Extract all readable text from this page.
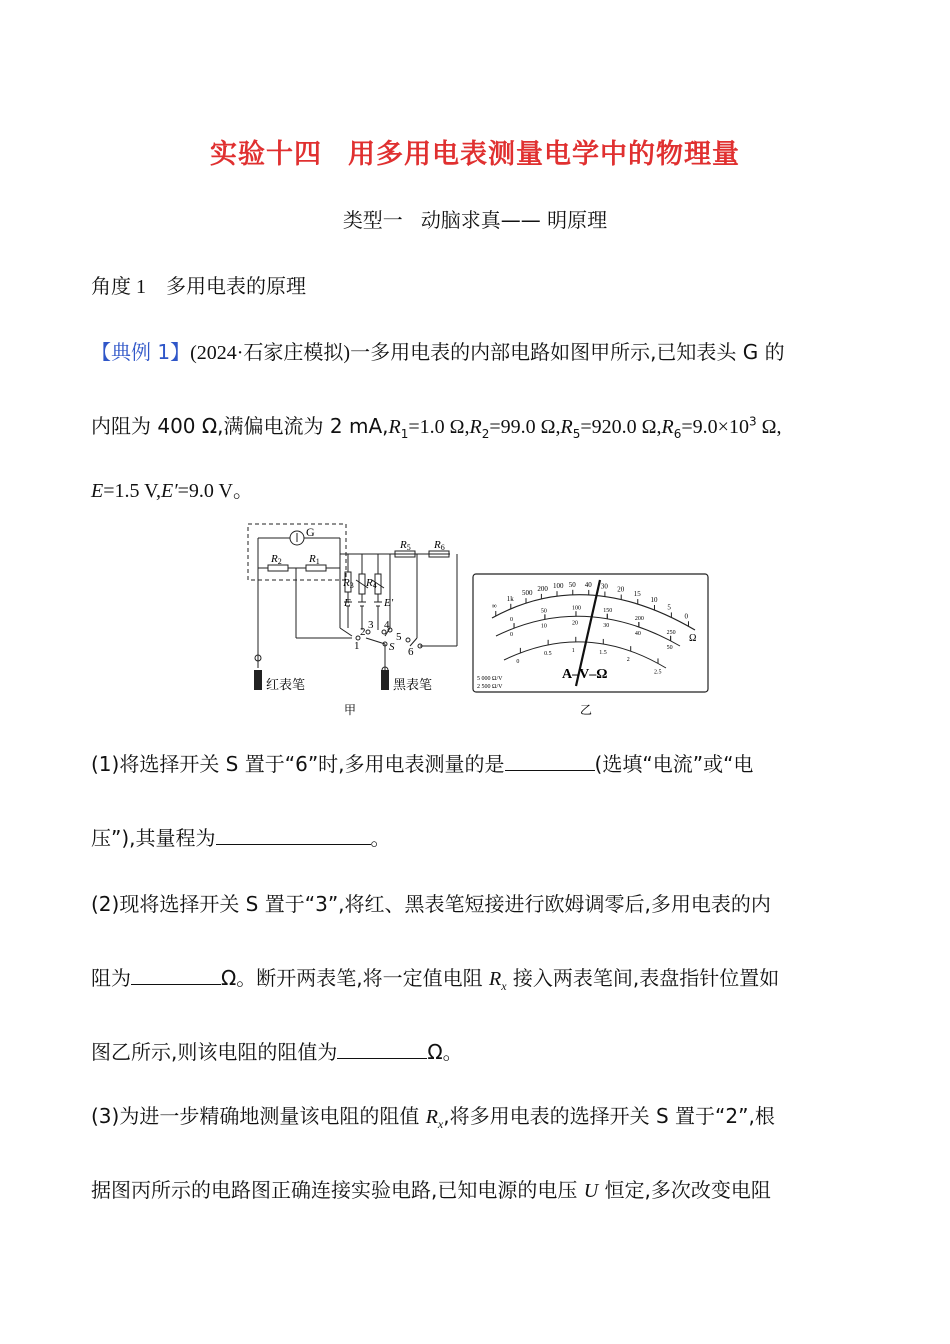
实验十四 用多用电表测量电学中的物理量
类型一 动脑求真—— 明原理
角度 1 多用电表的原理
【典例 1】(2024·石家庄模拟)一多用电表的内部电路如图甲所示,已知表头 G 的
内阻为 400 Ω,满偏电流为 2 $mA,R_1=1.0$ $\Omega,R_2=99.0$ $\Omega,R_5=920.0$ $\Omega,R_6=9.0\times 10^3$ Ω,
E=1.5 V,E′=9.0 V。
G
R2 R1
R3 R4
R5 R6
E	E′
1
2
3 4
5
6
S
红表笔	黑表笔
甲
∞
1k
500
200 100 50 40 30 20
15
10
5
0
0
50
100	150
200
250
0
10
20	30
40
50
0
0.5	1	1.5
2
2.5
Ω
A–V–Ω
5 000 Ω/V
2 500 Ω/V
乙
(1)将选择开关 S 置于“6”时,多用电表测量的是	(选填“电流”或“电
压”),其量程为	。
(2)现将选择开关 S 置于“3”,将红、黑表笔短接进行欧姆调零后,多用电表的内
阻为	Ω。断开两表笔,将一定值电阻 $R_x$ 接入两表笔间,表盘指针位置如
图乙所示,则该电阻的阻值为	Ω。
(3)为进一步精确地测量该电阻的阻值 $R_x$,将多用电表的选择开关 S 置于“2”,根
据图丙所示的电路图正确连接实验电路,已知电源的电压 U 恒定,多次改变电阻
